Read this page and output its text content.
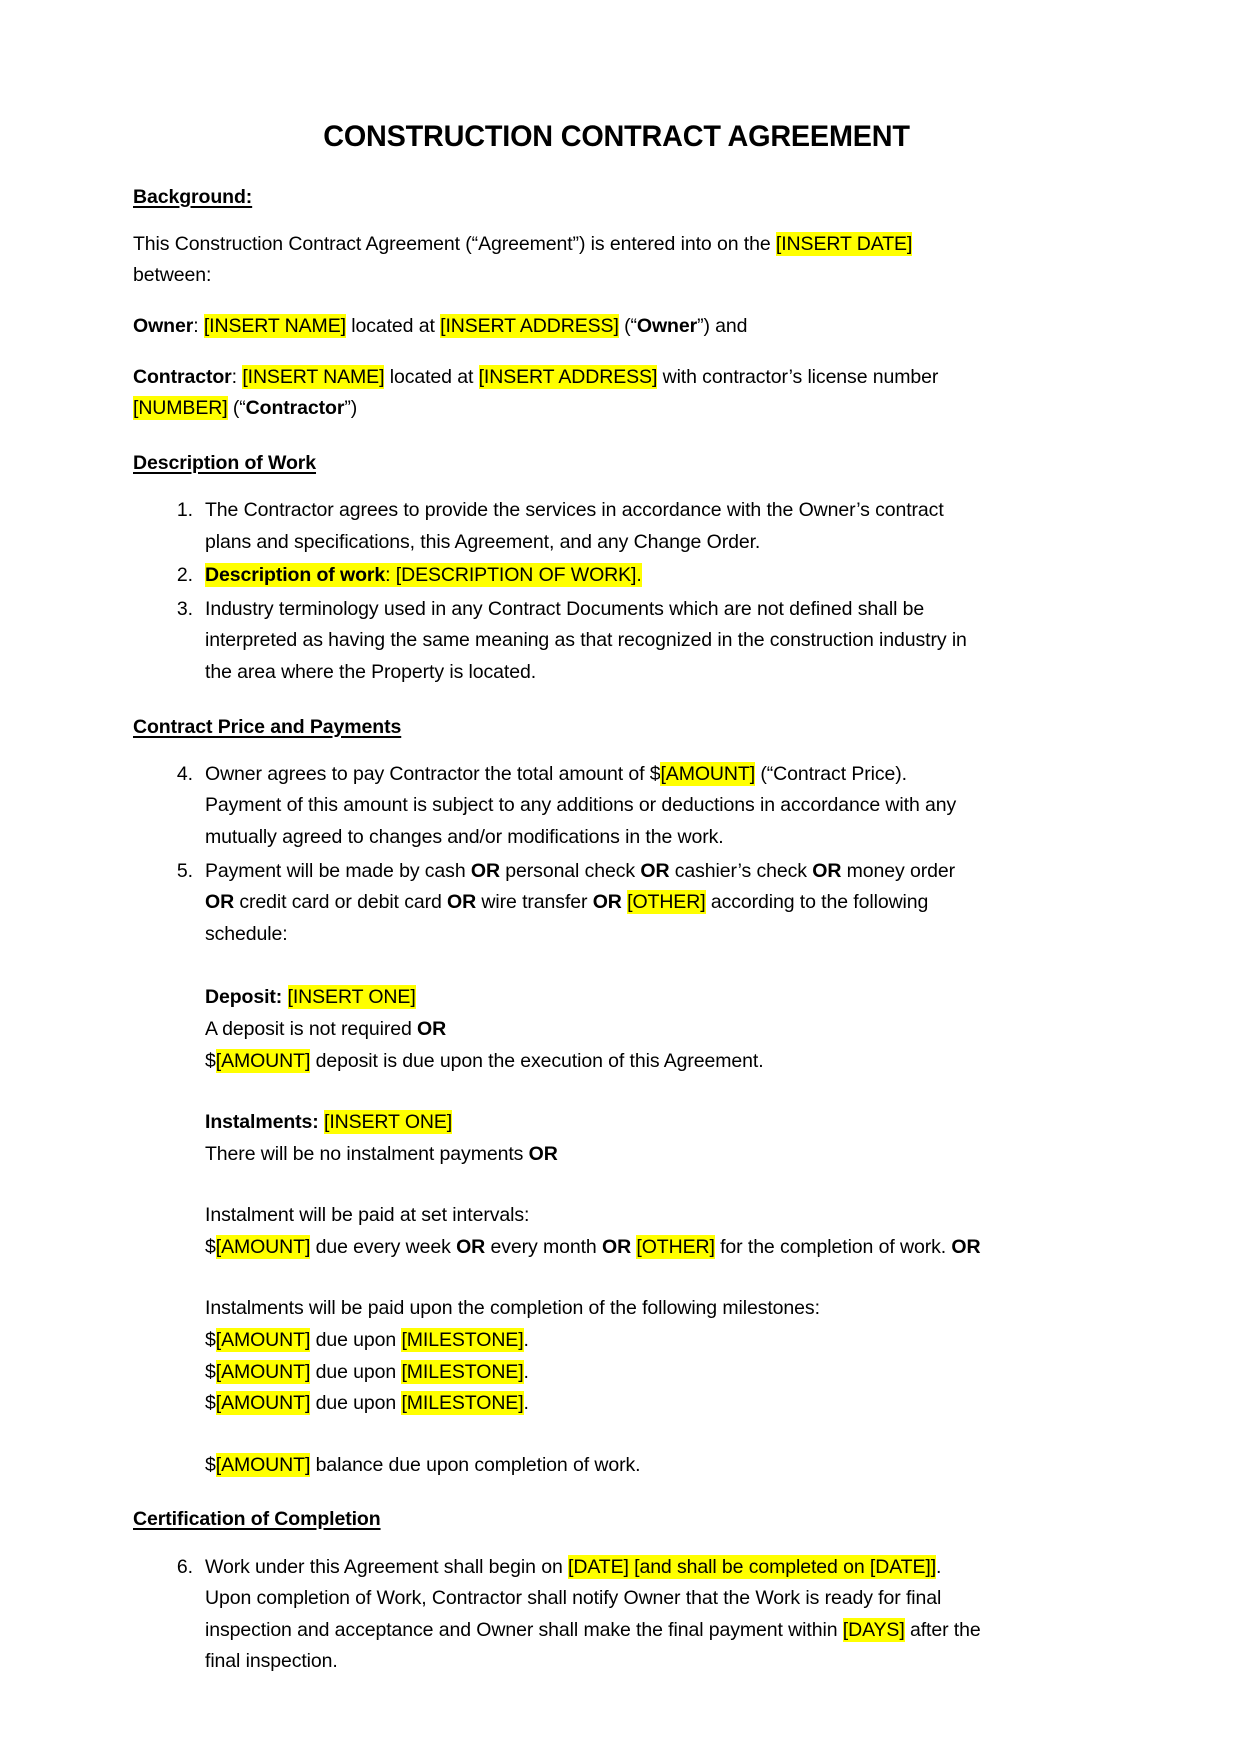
CONSTRUCTION CONTRACT AGREEMENT
Background:

This Construction Contract Agreement (“Agreement”) is entered into on the [INSERT DATE] between:

Owner: [INSERT NAME] located at [INSERT ADDRESS] (“Owner”) and

Contractor: [INSERT NAME] located at [INSERT ADDRESS] with contractor’s license number [NUMBER] (“Contractor”)

Description of Work
1. The Contractor agrees to provide the services in accordance with the Owner’s contract plans and specifications, this Agreement, and any Change Order.
2. Description of work: [DESCRIPTION OF WORK].
3. Industry terminology used in any Contract Documents which are not defined shall be interpreted as having the same meaning as that recognized in the construction industry in the area where the Property is located.
Contract Price and Payments
4. Owner agrees to pay Contractor the total amount of $[AMOUNT] (“Contract Price). Payment of this amount is subject to any additions or deductions in accordance with any mutually agreed to changes and/or modifications in the work.
5. Payment will be made by cash OR personal check OR cashier’s check OR money order OR credit card or debit card OR wire transfer OR [OTHER] according to the following schedule:
Deposit: [INSERT ONE]
A deposit is not required OR
$[AMOUNT] deposit is due upon the execution of this Agreement.
Instalments: [INSERT ONE]
There will be no instalment payments OR
Instalment will be paid at set intervals:
$[AMOUNT] due every week OR every month OR [OTHER] for the completion of work. OR
Instalments will be paid upon the completion of the following milestones:
$[AMOUNT] due upon [MILESTONE].
$[AMOUNT] due upon [MILESTONE].
$[AMOUNT] due upon [MILESTONE].
$[AMOUNT] balance due upon completion of work.
Certification of Completion
6. Work under this Agreement shall begin on [DATE] [and shall be completed on [DATE]]. Upon completion of Work, Contractor shall notify Owner that the Work is ready for final inspection and acceptance and Owner shall make the final payment within [DAYS] after the final inspection.
